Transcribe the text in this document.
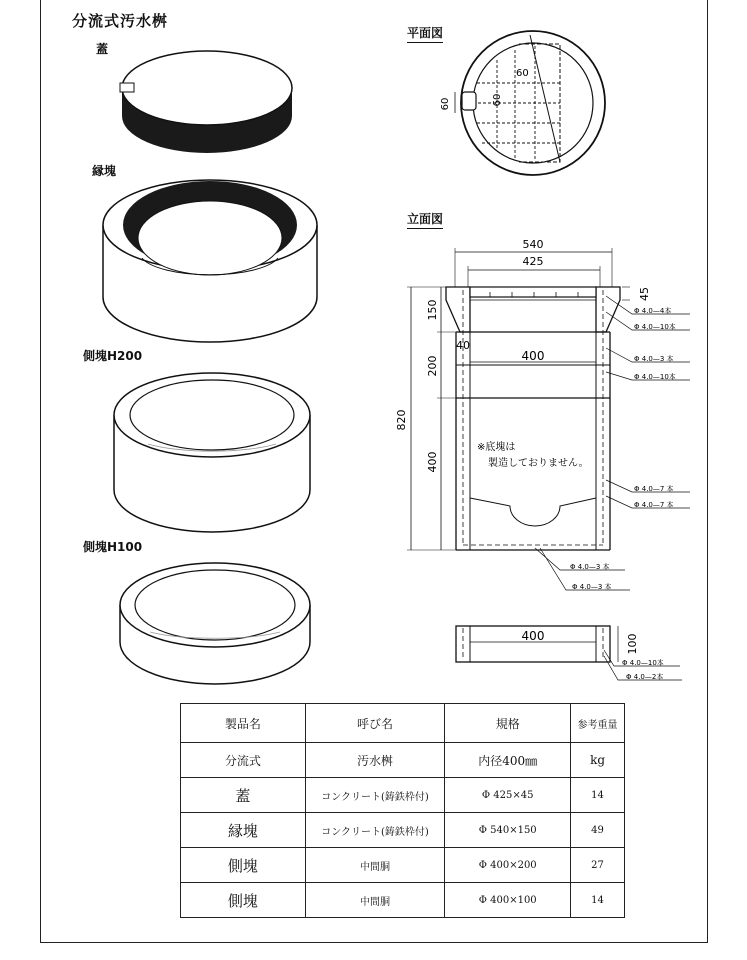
分流式汚水桝
蓋
縁塊
側塊H200
側塊H100
平面図
立面図
60
60
60
540
425
45
820
150
200
400
40
400
※底塊は
製造しておりません。
Φ 4.0—4本
Φ 4.0—10本
Φ 4.0—3 本
Φ 4.0—10本
Φ 4.0—7 本
Φ 4.0—7 本
Φ 4.0—3 本
Φ 4.0—3 本
400	100
Φ 4.0—10本
Φ 4.0—2本
製品名	呼び名	規格	参考重量
分流式	汚水桝	内径400㎜	kg
蓋	コンクリート(鋳鉄枠付)	Φ 425×45	14
縁塊	コンクリート(鋳鉄枠付)	Φ 540×150	49
側塊	中間胴	Φ 400×200	27
側塊	中間胴	Φ 400×100	14
